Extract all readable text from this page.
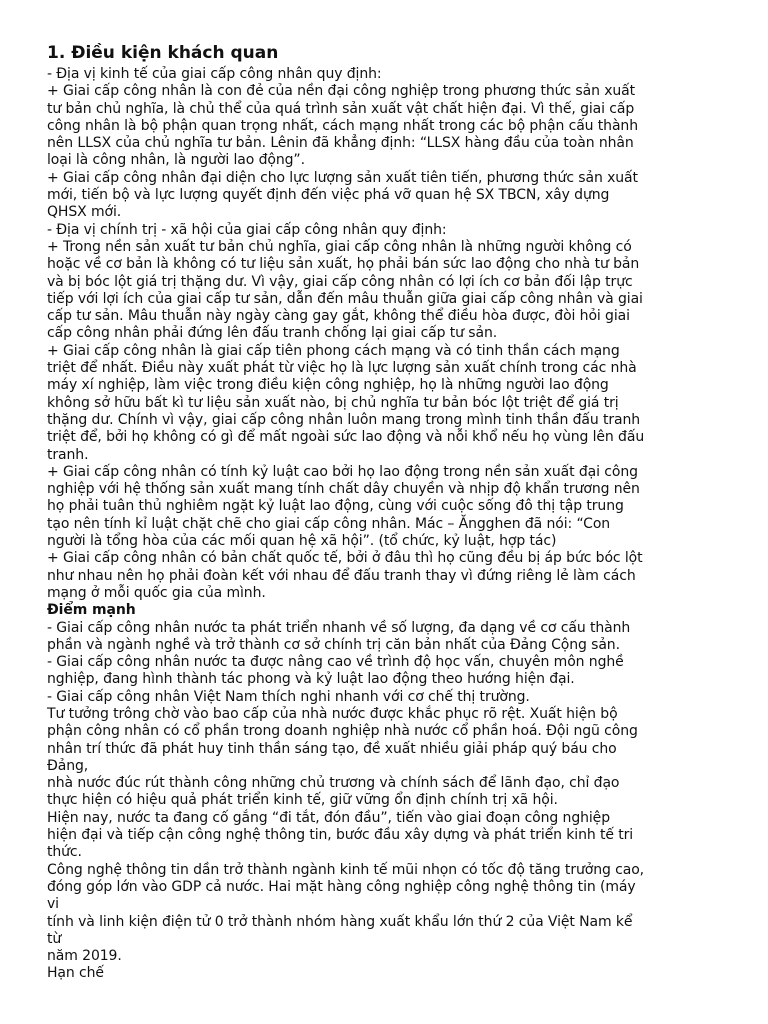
1. Điều kiện khách quan
- Địa vị kinh tế của giai cấp công nhân quy định:
+ Giai cấp công nhân là con đẻ của nền đại công nghiệp trong phương thức sản xuất
tư bản chủ nghĩa, là chủ thể của quá trình sản xuất vật chất hiện đại. Vì thế, giai cấp
công nhân là bộ phận quan trọng nhất, cách mạng nhất trong các bộ phận cấu thành
nên LLSX của chủ nghĩa tư bản. Lênin đã khẳng định: “LLSX hàng đầu của toàn nhân
loại là công nhân, là người lao động”.
+ Giai cấp công nhân đại diện cho lực lượng sản xuất tiên tiến, phương thức sản xuất
mới, tiến bộ và lực lượng quyết định đến việc phá vỡ quan hệ SX TBCN, xây dựng
QHSX mới.
- Địa vị chính trị - xã hội của giai cấp công nhân quy định:
+ Trong nền sản xuất tư bản chủ nghĩa, giai cấp công nhân là những người không có
hoặc về cơ bản là không có tư liệu sản xuất, họ phải bán sức lao động cho nhà tư bản
và bị bóc lột giá trị thặng dư. Vì vậy, giai cấp công nhân có lợi ích cơ bản đối lập trực
tiếp với lợi ích của giai cấp tư sản, dẫn đến mâu thuẫn giữa giai cấp công nhân và giai
cấp tư sản. Mâu thuẫn này ngày càng gay gắt, không thể điều hòa được, đòi hỏi giai
cấp công nhân phải đứng lên đấu tranh chống lại giai cấp tư sản.
+ Giai cấp công nhân là giai cấp tiên phong cách mạng và có tinh thần cách mạng
triệt để nhất. Điều này xuất phát từ việc họ là lực lượng sản xuất chính trong các nhà
máy xí nghiệp, làm việc trong điều kiện công nghiệp, họ là những người lao động
không sở hữu bất kì tư liệu sản xuất nào, bị chủ nghĩa tư bản bóc lột triệt để giá trị
thặng dư. Chính vì vậy, giai cấp công nhân luôn mang trong mình tinh thần đấu tranh
triệt để, bởi họ không có gì để mất ngoài sức lao động và nỗi khổ nếu họ vùng lên đấu
tranh.
+ Giai cấp công nhân có tính kỷ luật cao bởi họ lao động trong nền sản xuất đại công
nghiệp với hệ thống sản xuất mang tính chất dây chuyền và nhịp độ khẩn trương nên
họ phải tuân thủ nghiêm ngặt kỷ luật lao động, cùng với cuộc sống đô thị tập trung
tạo nên tính kỉ luật chặt chẽ cho giai cấp công nhân. Mác – Ăngghen đã nói: “Con
người là tổng hòa của các mối quan hệ xã hội”. (tổ chức, kỷ luật, hợp tác)
+ Giai cấp công nhân có bản chất quốc tế, bởi ở đâu thì họ cũng đều bị áp bức bóc lột
như nhau nên họ phải đoàn kết với nhau để đấu tranh thay vì đứng riêng lẻ làm cách
mạng ở mỗi quốc gia của mình.
Điểm mạnh
- Giai cấp công nhân nước ta phát triển nhanh về số lượng, đa dạng về cơ cấu thành
phần và ngành nghề và trở thành cơ sở chính trị căn bản nhất của Đảng Cộng sản.
- Giai cấp công nhân nước ta được nâng cao về trình độ học vấn, chuyên môn nghề
nghiệp, đang hình thành tác phong và kỷ luật lao động theo hướng hiện đại.
- Giai cấp công nhân Việt Nam thích nghi nhanh với cơ chế thị trường.
Tư tưởng trông chờ vào bao cấp của nhà nước được khắc phục rõ rệt. Xuất hiện bộ
phận công nhân có cổ phần trong doanh nghiệp nhà nước cổ phần hoá. Đội ngũ công
nhân trí thức đã phát huy tinh thần sáng tạo, đề xuất nhiều giải pháp quý báu cho
Đảng,
nhà nước đúc rút thành công những chủ trương và chính sách để lãnh đạo, chỉ đạo
thực hiện có hiệu quả phát triển kinh tế, giữ vững ổn định chính trị xã hội.
Hiện nay, nước ta đang cố gắng “đi tắt, đón đầu”, tiến vào giai đoạn công nghiệp
hiện đại và tiếp cận công nghệ thông tin, bước đầu xây dựng và phát triển kinh tế tri
thức.
Công nghệ thông tin dần trở thành ngành kinh tế mũi nhọn có tốc độ tăng trưởng cao,
đóng góp lớn vào GDP cả nước. Hai mặt hàng công nghiệp công nghệ thông tin (máy
vi
tính và linh kiện điện tử 0 trở thành nhóm hàng xuất khẩu lớn thứ 2 của Việt Nam kể
từ
năm 2019.
Hạn chế
